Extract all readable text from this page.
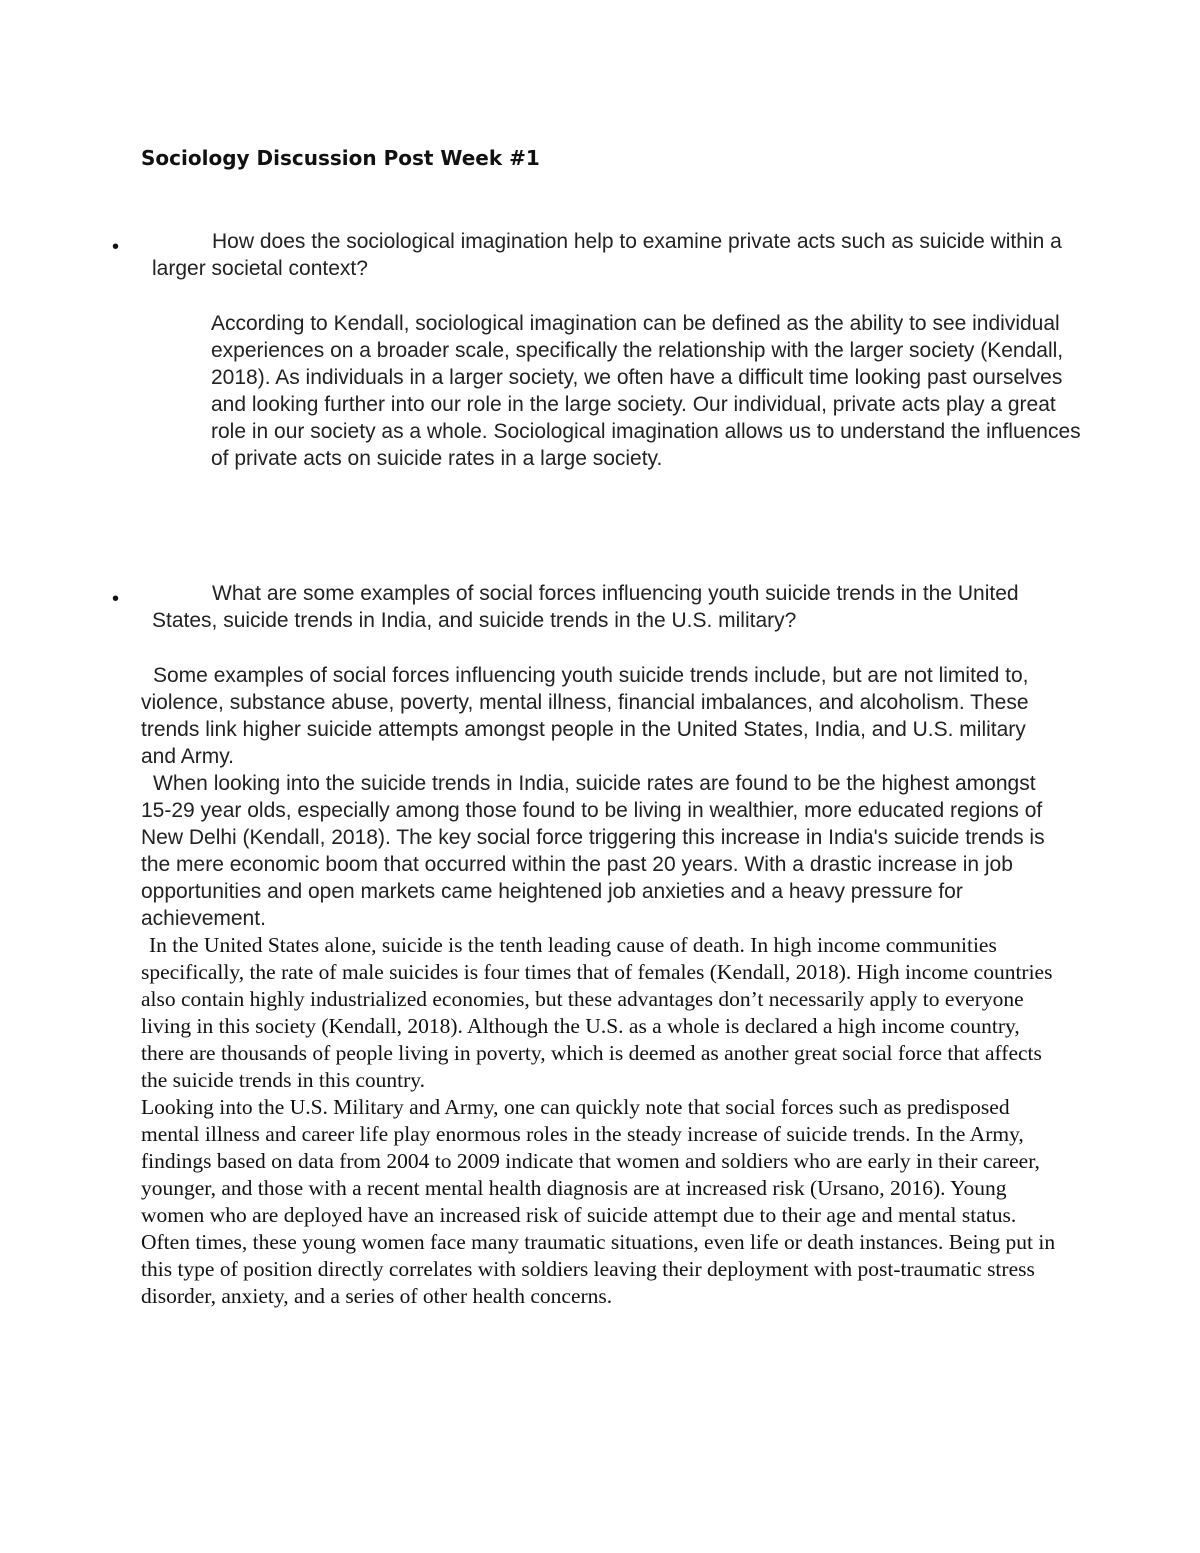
Sociology Discussion Post Week #1
•	How does the sociological imagination help to examine private acts such as suicide within a larger societal context?

According to Kendall, sociological imagination can be defined as the ability to see individual experiences on a broader scale, specifically the relationship with the larger society (Kendall, 2018). As individuals in a larger society, we often have a difficult time looking past ourselves and looking further into our role in the large society. Our individual, private acts play a great role in our society as a whole. Sociological imagination allows us to understand the influences of private acts on suicide rates in a large society.

•	What are some examples of social forces influencing youth suicide trends in the United States, suicide trends in India, and suicide trends in the U.S. military?

Some examples of social forces influencing youth suicide trends include, but are not limited to, violence, substance abuse, poverty, mental illness, financial imbalances, and alcoholism. These trends link higher suicide attempts amongst people in the United States, India, and U.S. military and Army.

When looking into the suicide trends in India, suicide rates are found to be the highest amongst 15-29 year olds, especially among those found to be living in wealthier, more educated regions of New Delhi (Kendall, 2018). The key social force triggering this increase in India's suicide trends is the mere economic boom that occurred within the past 20 years. With a drastic increase in job opportunities and open markets came heightened job anxieties and a heavy pressure for achievement.

In the United States alone, suicide is the tenth leading cause of death. In high income communities specifically, the rate of male suicides is four times that of females (Kendall, 2018). High income countries also contain highly industrialized economies, but these advantages don’t necessarily apply to everyone living in this society (Kendall, 2018). Although the U.S. as a whole is declared a high income country, there are thousands of people living in poverty, which is deemed as another great social force that affects the suicide trends in this country.

Looking into the U.S. Military and Army, one can quickly note that social forces such as predisposed mental illness and career life play enormous roles in the steady increase of suicide trends. In the Army, findings based on data from 2004 to 2009 indicate that women and soldiers who are early in their career, younger, and those with a recent mental health diagnosis are at increased risk (Ursano, 2016). Young women who are deployed have an increased risk of suicide attempt due to their age and mental status. Often times, these young women face many traumatic situations, even life or death instances. Being put in this type of position directly correlates with soldiers leaving their deployment with post-traumatic stress disorder, anxiety, and a series of other health concerns.
